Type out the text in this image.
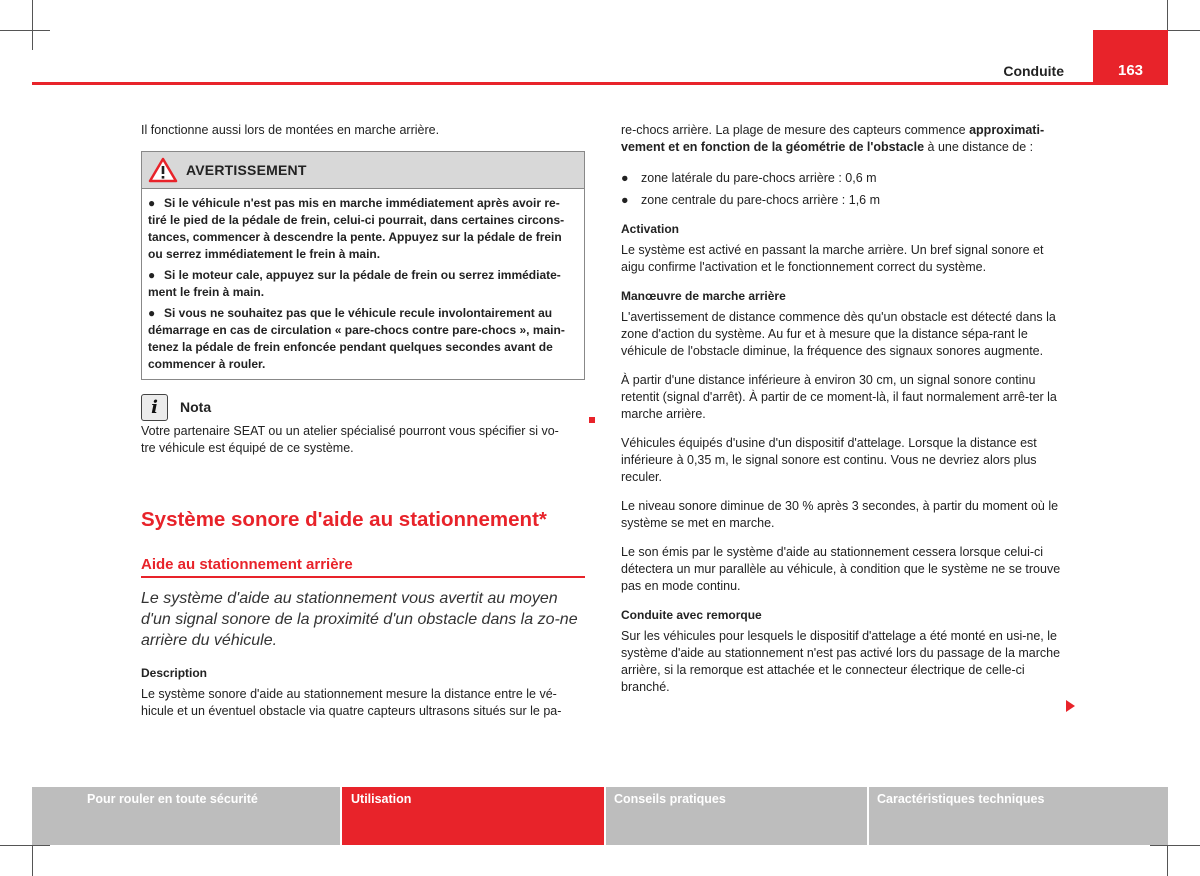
163
Conduite

Il fonctionne aussi lors de montées en marche arrière.

AVERTISSEMENT
● Si le véhicule n'est pas mis en marche immédiatement après avoir re-tiré le pied de la pédale de frein, celui-ci pourrait, dans certaines circons-tances, commencer à descendre la pente. Appuyez sur la pédale de frein ou serrez immédiatement le frein à main.
● Si le moteur cale, appuyez sur la pédale de frein ou serrez immédiate-ment le frein à main.
● Si vous ne souhaitez pas que le véhicule recule involontairement au démarrage en cas de circulation « pare-chocs contre pare-chocs », main-tenez la pédale de frein enfoncée pendant quelques secondes avant de commencer à rouler.
i	Nota
Votre partenaire SEAT ou un atelier spécialisé pourront vous spécifier si vo-tre véhicule est équipé de ce système.
Système sonore d'aide au stationnement*
Aide au stationnement arrière
Le système d'aide au stationnement vous avertit au moyen d'un signal sonore de la proximité d'un obstacle dans la zo-ne arrière du véhicule.
Description

Le système sonore d'aide au stationnement mesure la distance entre le vé-hicule et un éventuel obstacle via quatre capteurs ultrasons situés sur le pa-

re-chocs arrière. La plage de mesure des capteurs commence approximati-vement et en fonction de la géométrie de l'obstacle à une distance de :

● zone latérale du pare-chocs arrière : 0,6 m
● zone centrale du pare-chocs arrière : 1,6 m
Activation

Le système est activé en passant la marche arrière. Un bref signal sonore et aigu confirme l'activation et le fonctionnement correct du système.

Manœuvre de marche arrière

L'avertissement de distance commence dès qu'un obstacle est détecté dans la zone d'action du système. Au fur et à mesure que la distance sépa-rant le véhicule de l'obstacle diminue, la fréquence des signaux sonores augmente.

À partir d'une distance inférieure à environ 30 cm, un signal sonore continu retentit (signal d'arrêt). À partir de ce moment-là, il faut normalement arrê-ter la marche arrière.

Véhicules équipés d'usine d'un dispositif d'attelage. Lorsque la distance est inférieure à 0,35 m, le signal sonore est continu. Vous ne devriez alors plus reculer.

Le niveau sonore diminue de 30 % après 3 secondes, à partir du moment où le système se met en marche.

Le son émis par le système d'aide au stationnement cessera lorsque celui-ci détectera un mur parallèle au véhicule, à condition que le système ne se trouve pas en mode continu.

Conduite avec remorque

Sur les véhicules pour lesquels le dispositif d'attelage a été monté en usi-ne, le système d'aide au stationnement n'est pas activé lors du passage de la marche arrière, si la remorque est attachée et le connecteur électrique de celle-ci branché.

Pour rouler en toute sécurité	Utilisation	Conseils pratiques	Caractéristiques techniques
